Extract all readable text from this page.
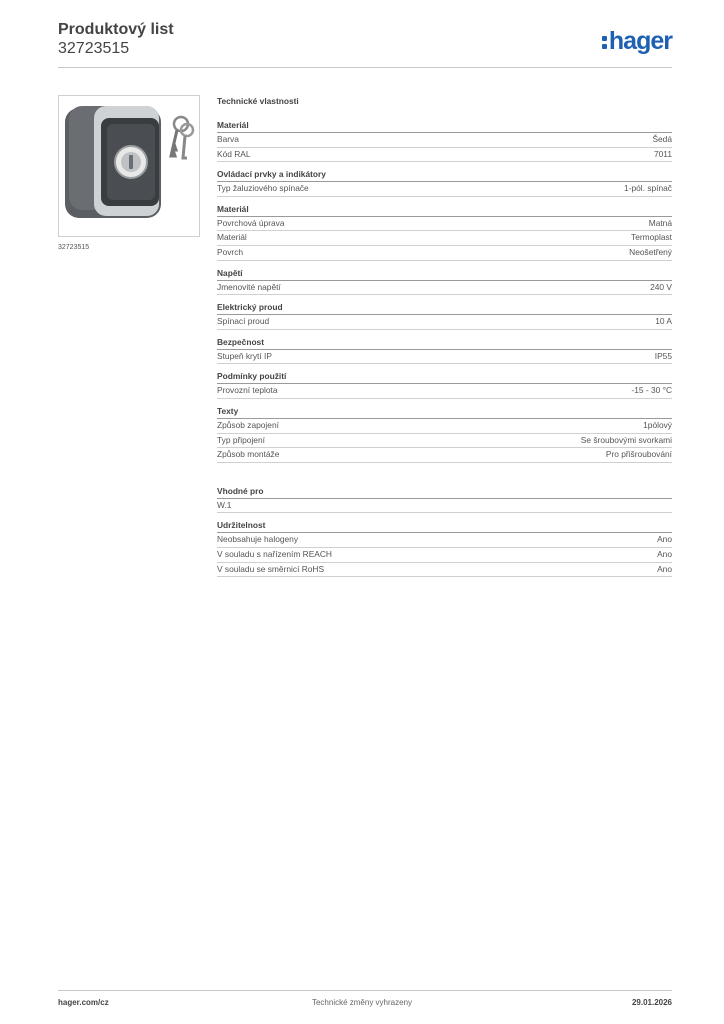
Produktový list
32723515	hager
32723515
Technické vlastnosti
Materiál
Barva	Šedá
Kód RAL	7011
Ovládací prvky a indikátory
Typ žaluziového spínače	1-pól. spínač
Materiál
Povrchová úprava	Matná
Materiál	Termoplast
Povrch	Neošetřený
Napětí
Jmenovité napětí	240 V
Elektrický proud
Spínací proud	10 A
Bezpečnost
Stupeň krytí IP	IP55
Podmínky použití
Provozní teplota	-15 - 30 °C
Texty
Způsob zapojení	1pólový
Typ připojení	Se šroubovými svorkami
Způsob montáže	Pro přišroubování
Vhodné pro
W.1
Udržitelnost
Neobsahuje halogeny	Ano
V souladu s nařízením REACH	Ano
V souladu se směrnicí RoHS	Ano
hager.com/cz	Technické změny vyhrazeny	29.01.2026
